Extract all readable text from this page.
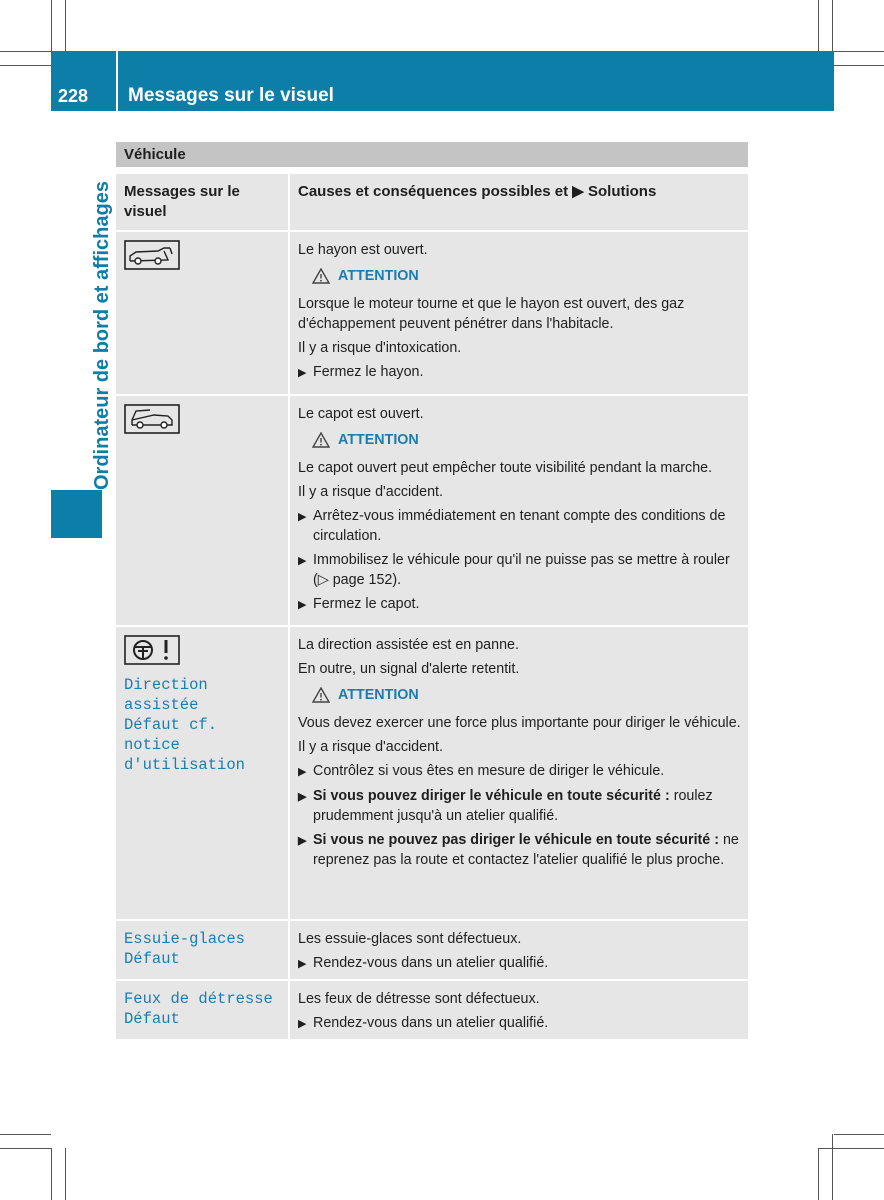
228 Messages sur le visuel
Ordinateur de bord et affichages
Véhicule
Messages sur le visuel
Causes et conséquences possibles et ▶ Solutions

Le hayon est ouvert.

ATTENTION

Lorsque le moteur tourne et que le hayon est ouvert, des gaz d'échappement peuvent pénétrer dans l'habitacle.

Il y a risque d'intoxication.

▶ Fermez le hayon.

Le capot est ouvert.

ATTENTION

Le capot ouvert peut empêcher toute visibilité pendant la marche.

Il y a risque d'accident.

▶ Arrêtez-vous immédiatement en tenant compte des conditions de circulation.
▶ Immobilisez le véhicule pour qu'il ne puisse pas se mettre à rouler (▷ page 152).
▶ Fermez le capot.
Direction assistée
Défaut cf. notice
d'utilisation

La direction assistée est en panne.

En outre, un signal d'alerte retentit.

ATTENTION

Vous devez exercer une force plus importante pour diriger le véhicule.

Il y a risque d'accident.

▶ Contrôlez si vous êtes en mesure de diriger le véhicule.
▶ Si vous pouvez diriger le véhicule en toute sécurité : roulez prudemment jusqu'à un atelier qualifié.
▶ Si vous ne pouvez pas diriger le véhicule en toute sécurité : ne reprenez pas la route et contactez l'atelier qualifié le plus proche.
Essuie-glaces
Défaut

Les essuie-glaces sont défectueux.

▶ Rendez-vous dans un atelier qualifié.
Feux de détresse
Défaut

Les feux de détresse sont défectueux.

▶ Rendez-vous dans un atelier qualifié.
